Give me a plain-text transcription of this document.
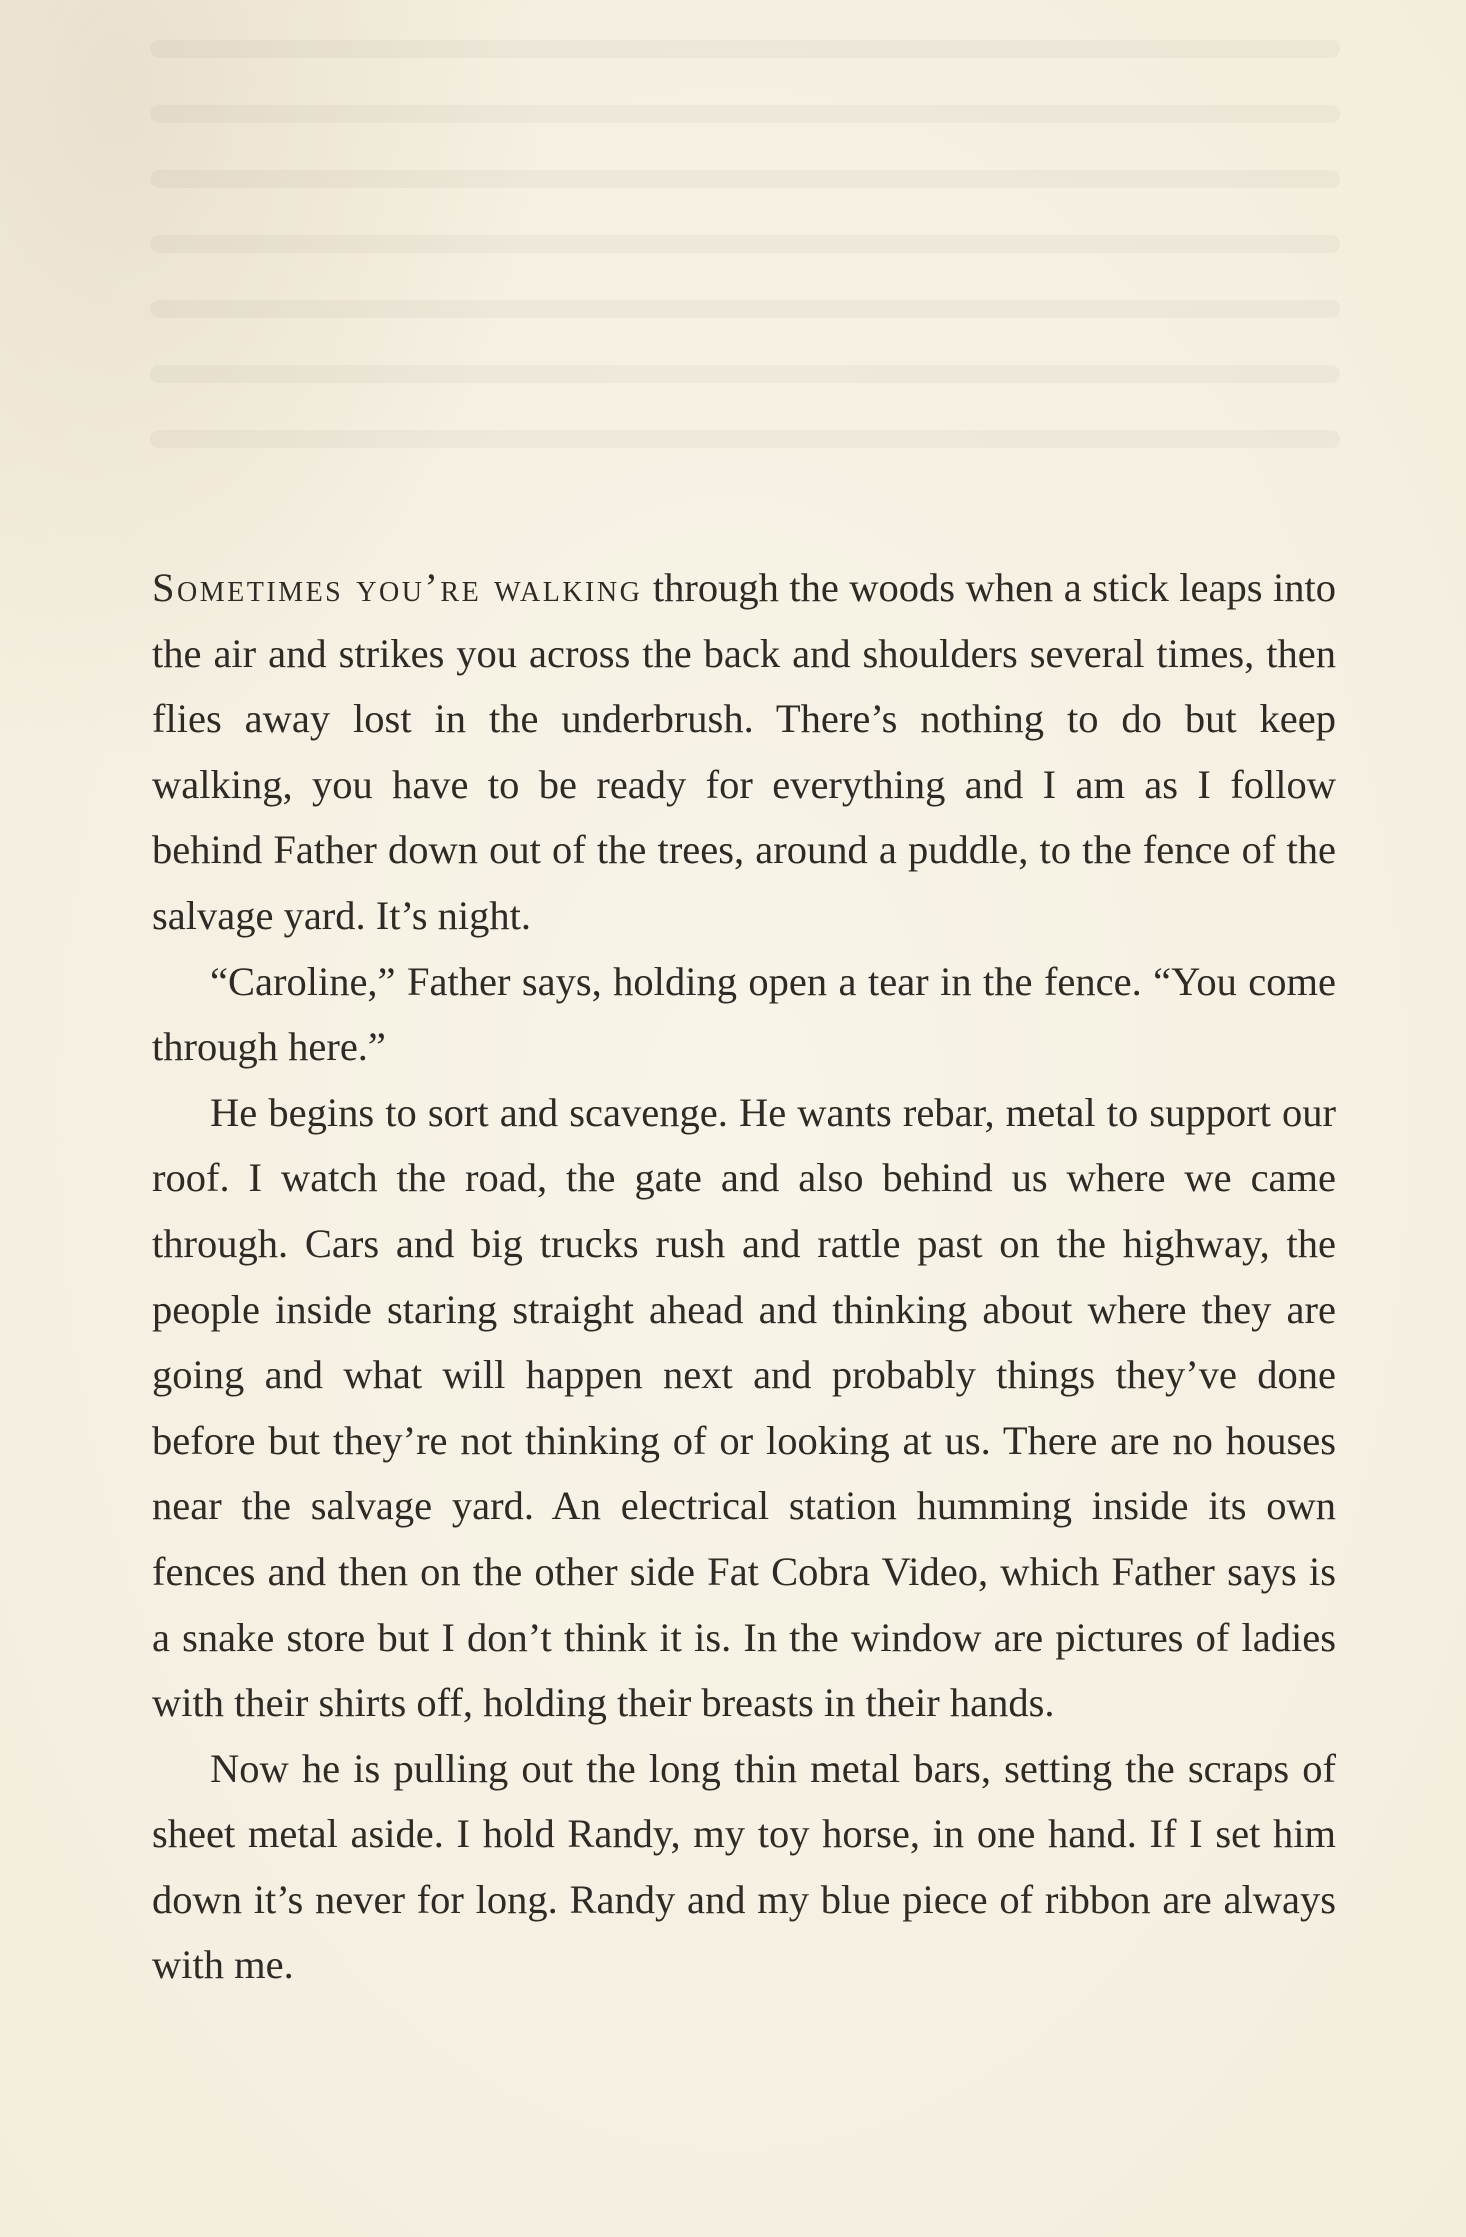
Sometimes you’re walking through the woods when a stick leaps into the air and strikes you across the back and shoulders several times, then flies away lost in the underbrush. There’s nothing to do but keep walking, you have to be ready for everything and I am as I follow behind Father down out of the trees, around a puddle, to the fence of the salvage yard. It’s night.

“Caroline,” Father says, holding open a tear in the fence. “You come through here.”

He begins to sort and scavenge. He wants rebar, metal to support our roof. I watch the road, the gate and also behind us where we came through. Cars and big trucks rush and rattle past on the highway, the people inside staring straight ahead and thinking about where they are going and what will happen next and probably things they’ve done before but they’re not thinking of or looking at us. There are no houses near the salvage yard. An electrical station humming inside its own fences and then on the other side Fat Cobra Video, which Father says is a snake store but I don’t think it is. In the window are pictures of ladies with their shirts off, holding their breasts in their hands.

Now he is pulling out the long thin metal bars, setting the scraps of sheet metal aside. I hold Randy, my toy horse, in one hand. If I set him down it’s never for long. Randy and my blue piece of ribbon are always with me.
